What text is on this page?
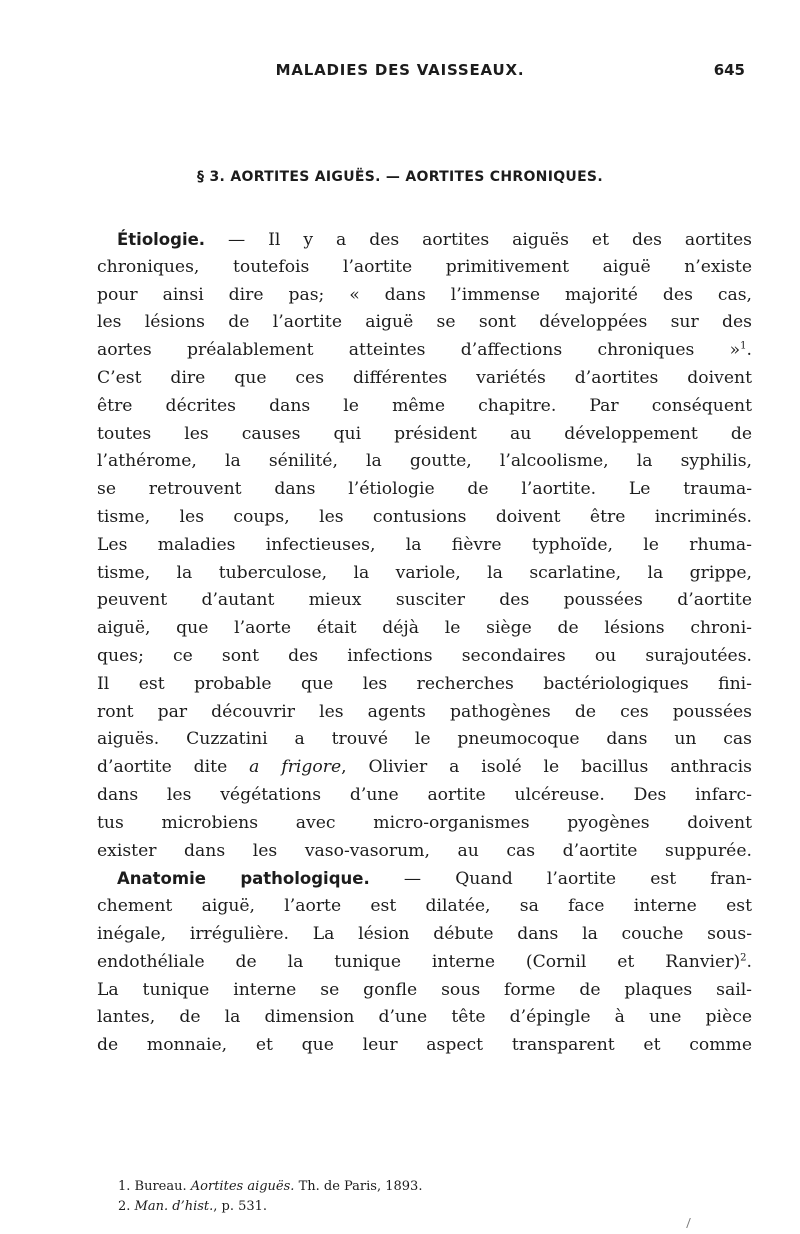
MALADIES DES VAISSEAUX.	645
§ 3. AORTITES AIGUËS. — AORTITES CHRONIQUES.
Étiologie. — Il y a des aortites aiguës et des aortites
chroniques, toutefois l’aortite primitivement aiguë n’existe
pour ainsi dire pas; « dans l’immense majorité des cas,
les lésions de l’aortite aiguë se sont développées sur des
aortes préalablement atteintes d’affections chroniques »$^1$.
C’est dire que ces différentes variétés d’aortites doivent
être décrites dans le même chapitre. Par conséquent
toutes les causes qui président au développement de
l’athérome, la sénilité, la goutte, l’alcoolisme, la syphilis,
se retrouvent dans l’étiologie de l’aortite. Le trauma-
tisme, les coups, les contusions doivent être incriminés.
Les maladies infectieuses, la fièvre typhoïde, le rhuma-
tisme, la tuberculose, la variole, la scarlatine, la grippe,
peuvent d’autant mieux susciter des poussées d’aortite
aiguë, que l’aorte était déjà le siège de lésions chroni-
ques; ce sont des infections secondaires ou surajoutées.
Il est probable que les recherches bactériologiques fini-
ront par découvrir les agents pathogènes de ces poussées
aiguës. Cuzzatini a trouvé le pneumocoque dans un cas
d’aortite dite a frigore, Olivier a isolé le bacillus anthracis
dans les végétations d’une aortite ulcéreuse. Des infarc-
tus microbiens avec micro-organismes pyogènes doivent
exister dans les vaso-vasorum, au cas d’aortite suppurée.
Anatomie pathologique. — Quand l’aortite est fran-
chement aiguë, l’aorte est dilatée, sa face interne est
inégale, irrégulière. La lésion débute dans la couche sous-
endothéliale de la tunique interne (Cornil et Ranvier)$^2$.
La tunique interne se gonfle sous forme de plaques sail-
lantes, de la dimension d’une tête d’épingle à une pièce
de monnaie, et que leur aspect transparent et comme
1. Bureau. Aortites aiguës. Th. de Paris, 1893.
2. Man. d’hist., p. 531.
